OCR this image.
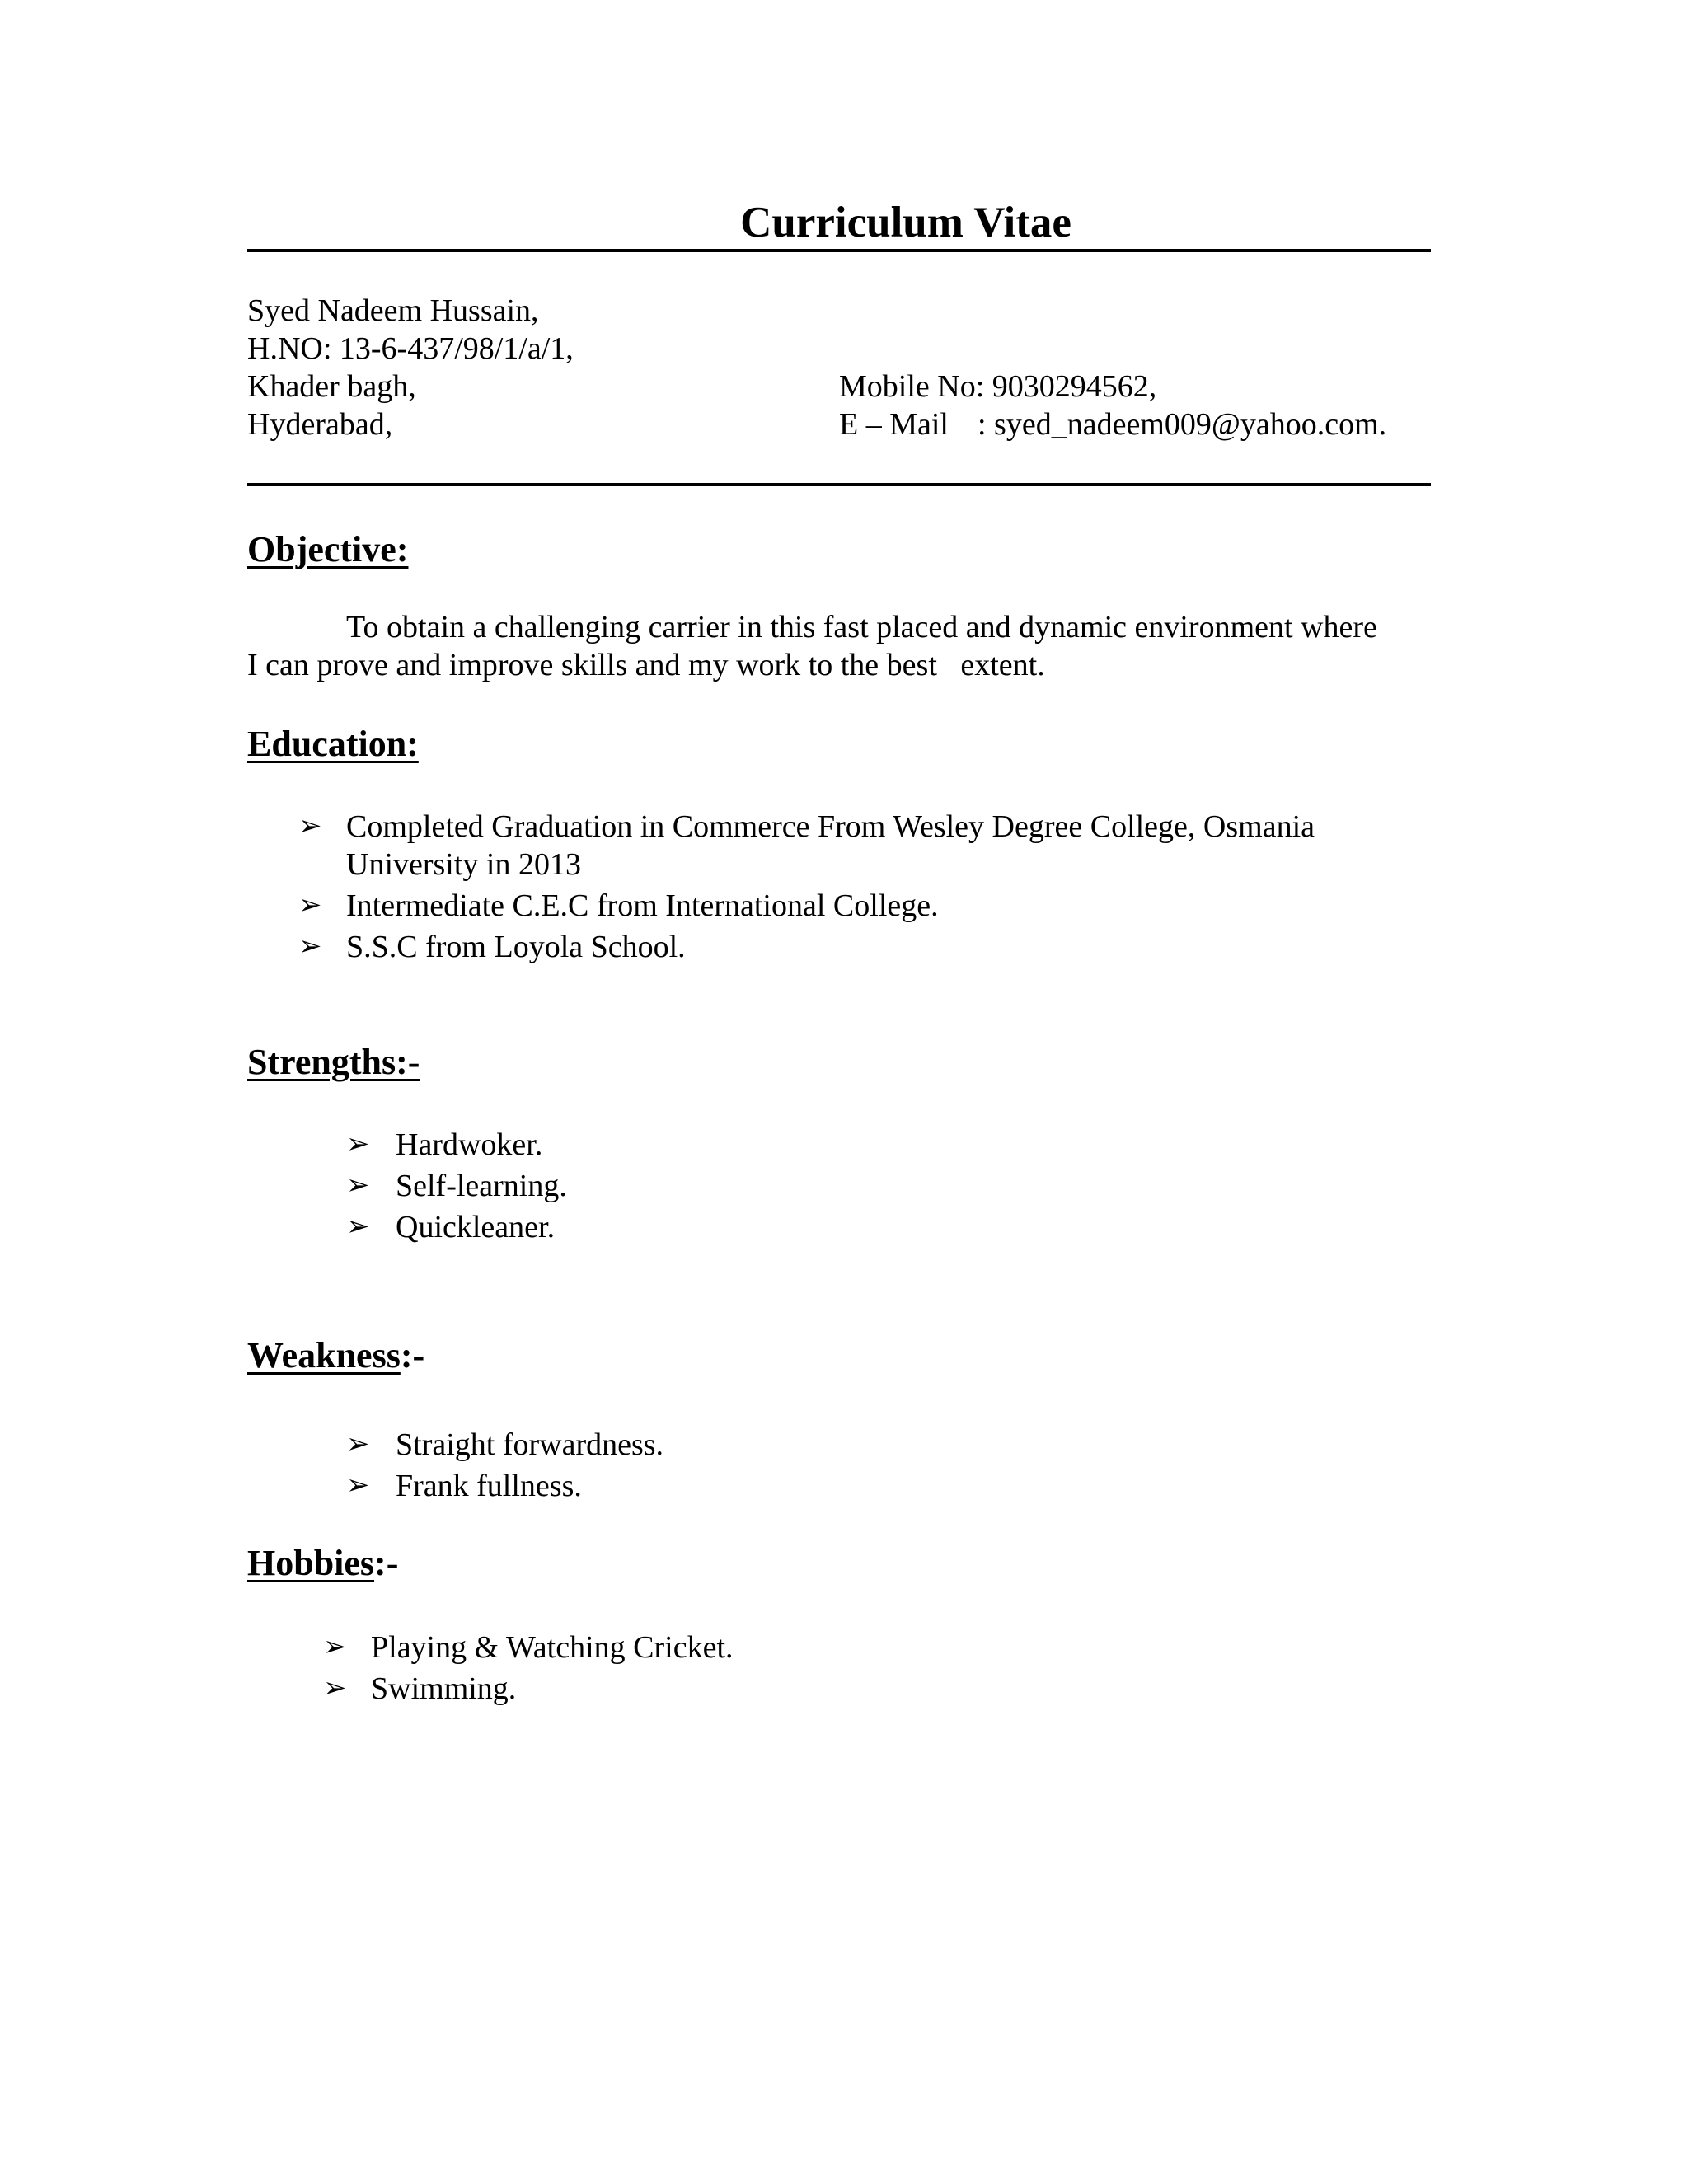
Curriculum Vitae
Syed Nadeem Hussain,
H.NO: 13-6-437/98/1/a/1,
Khader bagh,
Hyderabad,
Mobile No: 9030294562,
E – Mail : syed_nadeem009@yahoo.com.
Objective:
To obtain a challenging carrier in this fast placed and dynamic environment where
I can prove and improve skills and my work to the best   extent.
Education:
➢ Completed Graduation in Commerce From Wesley Degree College, Osmania
University in 2013
➢ Intermediate C.E.C from International College.
➢ S.S.C from Loyola School.
Strengths:-
➢ Hardwoker.
➢ Self-learning.
➢ Quickleaner.
Weakness:-
➢ Straight forwardness.
➢ Frank fullness.
Hobbies:-
➢ Playing & Watching Cricket.
➢ Swimming.
